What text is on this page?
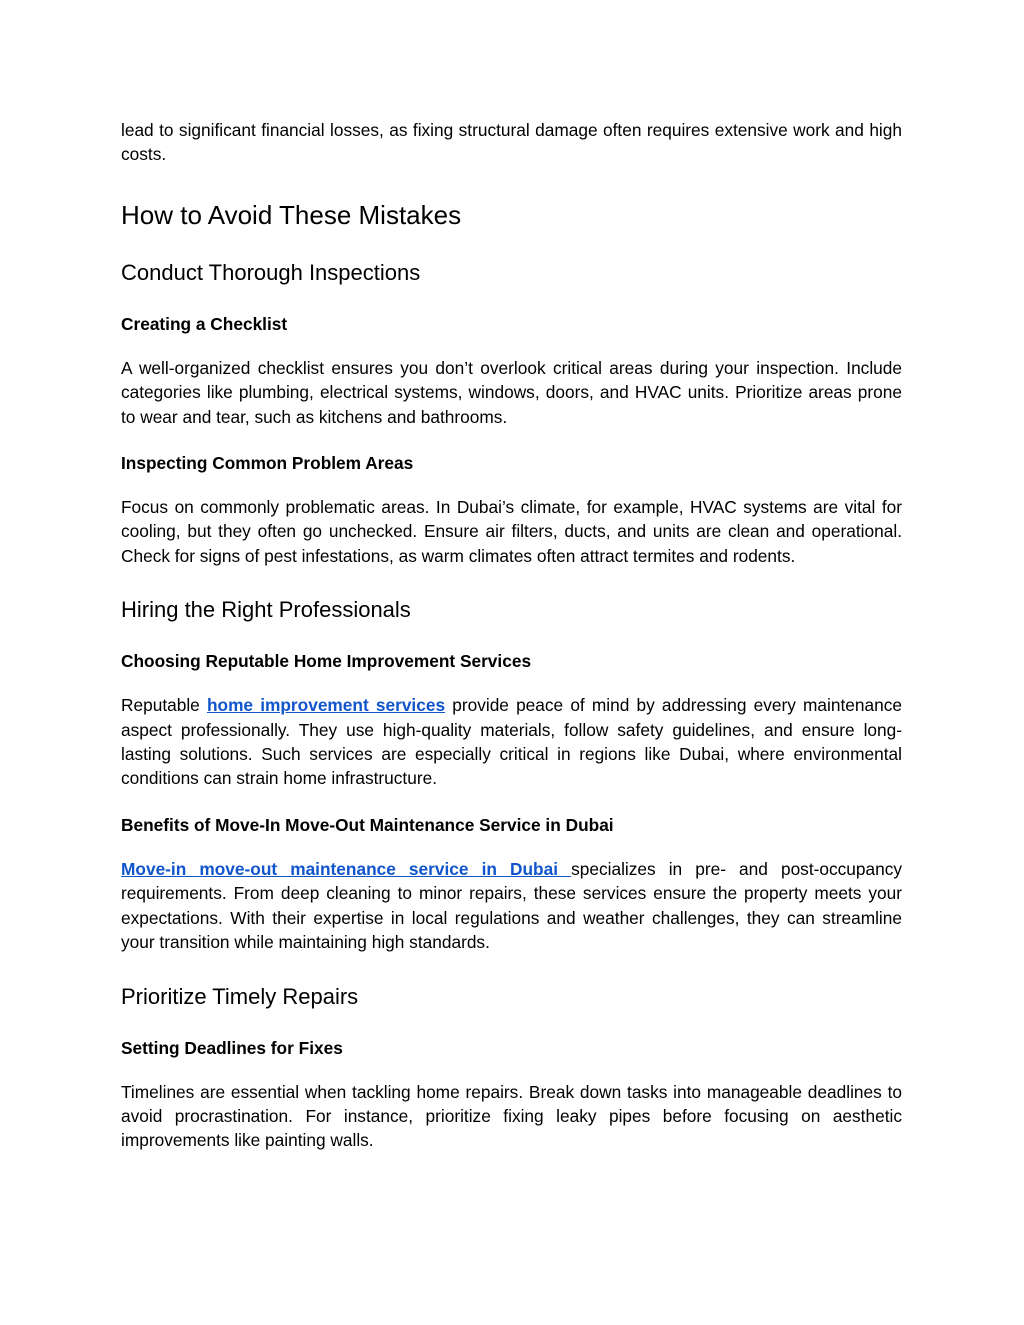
lead to significant financial losses, as fixing structural damage often requires extensive work and high costs.

How to Avoid These Mistakes
Conduct Thorough Inspections
Creating a Checklist

A well-organized checklist ensures you don’t overlook critical areas during your inspection. Include categories like plumbing, electrical systems, windows, doors, and HVAC units. Prioritize areas prone to wear and tear, such as kitchens and bathrooms.

Inspecting Common Problem Areas

Focus on commonly problematic areas. In Dubai’s climate, for example, HVAC systems are vital for cooling, but they often go unchecked. Ensure air filters, ducts, and units are clean and operational. Check for signs of pest infestations, as warm climates often attract termites and rodents.

Hiring the Right Professionals
Choosing Reputable Home Improvement Services

Reputable home improvement services provide peace of mind by addressing every maintenance aspect professionally. They use high-quality materials, follow safety guidelines, and ensure long-lasting solutions. Such services are especially critical in regions like Dubai, where environmental conditions can strain home infrastructure.

Benefits of Move-In Move-Out Maintenance Service in Dubai

Move-in move-out maintenance service in Dubai specializes in pre- and post-occupancy requirements. From deep cleaning to minor repairs, these services ensure the property meets your expectations. With their expertise in local regulations and weather challenges, they can streamline your transition while maintaining high standards.

Prioritize Timely Repairs
Setting Deadlines for Fixes

Timelines are essential when tackling home repairs. Break down tasks into manageable deadlines to avoid procrastination. For instance, prioritize fixing leaky pipes before focusing on aesthetic improvements like painting walls.
